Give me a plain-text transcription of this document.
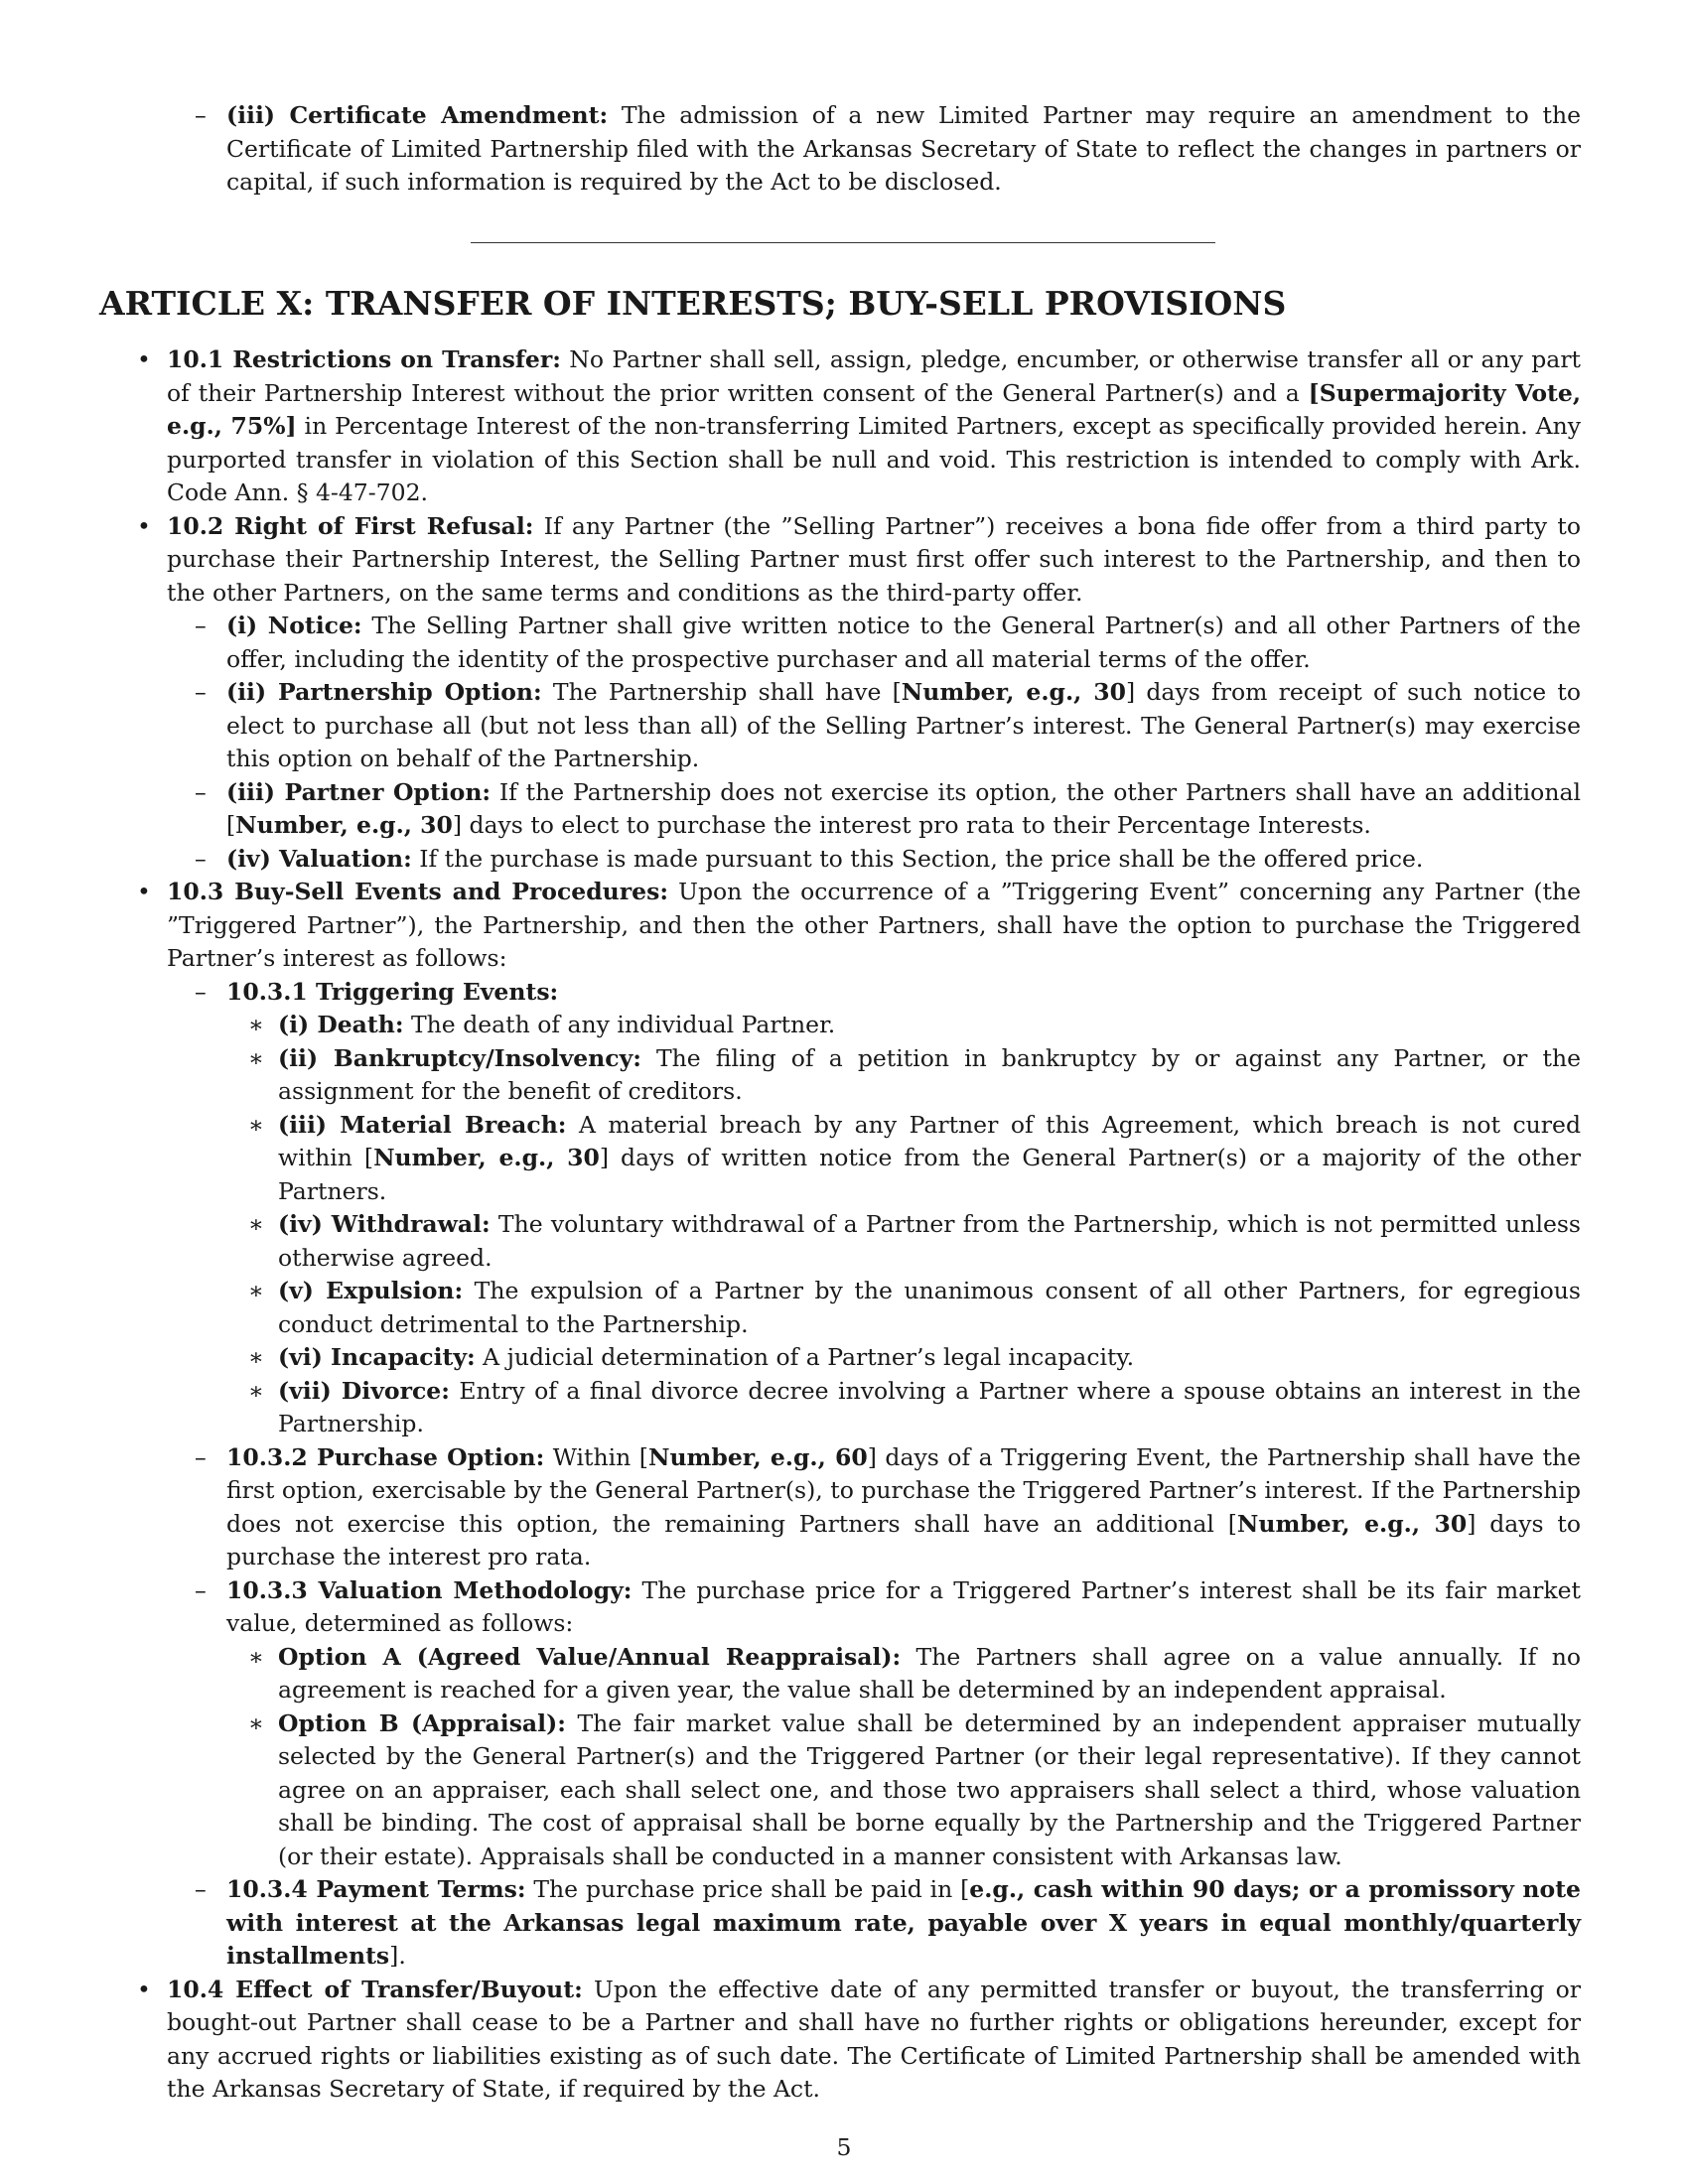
– (iii) Certificate Amendment: The admission of a new Limited Partner may require an amendment to the Certificate of Limited Partnership filed with the Arkansas Secretary of State to reflect the changes in partners or capital, if such information is required by the Act to be disclosed.
ARTICLE X: TRANSFER OF INTERESTS; BUY-SELL PROVISIONS
• 10.1 Restrictions on Transfer: No Partner shall sell, assign, pledge, encumber, or otherwise transfer all or any part of their Partnership Interest without the prior written consent of the General Partner(s) and a [Supermajority Vote, e.g., 75%] in Percentage Interest of the non-transferring Limited Partners, except as specifically provided herein. Any purported transfer in violation of this Section shall be null and void. This restriction is intended to comply with Ark. Code Ann. § 4-47-702.
• 10.2 Right of First Refusal: If any Partner (the ”Selling Partner”) receives a bona fide offer from a third party to purchase their Partnership Interest, the Selling Partner must first offer such interest to the Partnership, and then to the other Partners, on the same terms and conditions as the third-party offer.
– (i) Notice: The Selling Partner shall give written notice to the General Partner(s) and all other Partners of the offer, including the identity of the prospective purchaser and all material terms of the offer.
– (ii) Partnership Option: The Partnership shall have [Number, e.g., 30] days from receipt of such notice to elect to purchase all (but not less than all) of the Selling Partner’s interest. The General Partner(s) may exercise this option on behalf of the Partnership.
– (iii) Partner Option: If the Partnership does not exercise its option, the other Partners shall have an additional [Number, e.g., 30] days to elect to purchase the interest pro rata to their Percentage Interests.
– (iv) Valuation: If the purchase is made pursuant to this Section, the price shall be the offered price.
• 10.3 Buy-Sell Events and Procedures: Upon the occurrence of a ”Triggering Event” concerning any Partner (the ”Triggered Partner”), the Partnership, and then the other Partners, shall have the option to purchase the Triggered Partner’s interest as follows:
– 10.3.1 Triggering Events:
∗ (i) Death: The death of any individual Partner.
∗ (ii) Bankruptcy/Insolvency: The filing of a petition in bankruptcy by or against any Partner, or the assignment for the benefit of creditors.
∗ (iii) Material Breach: A material breach by any Partner of this Agreement, which breach is not cured within [Number, e.g., 30] days of written notice from the General Partner(s) or a majority of the other Partners.
∗ (iv) Withdrawal: The voluntary withdrawal of a Partner from the Partnership, which is not permitted unless otherwise agreed.
∗ (v) Expulsion: The expulsion of a Partner by the unanimous consent of all other Partners, for egregious conduct detrimental to the Partnership.
∗ (vi) Incapacity: A judicial determination of a Partner’s legal incapacity.
∗ (vii) Divorce: Entry of a final divorce decree involving a Partner where a spouse obtains an interest in the Partnership.
– 10.3.2 Purchase Option: Within [Number, e.g., 60] days of a Triggering Event, the Partnership shall have the first option, exercisable by the General Partner(s), to purchase the Triggered Partner’s interest. If the Partnership does not exercise this option, the remaining Partners shall have an additional [Number, e.g., 30] days to purchase the interest pro rata.
– 10.3.3 Valuation Methodology: The purchase price for a Triggered Partner’s interest shall be its fair market value, determined as follows:
∗ Option A (Agreed Value/Annual Reappraisal): The Partners shall agree on a value annually. If no agreement is reached for a given year, the value shall be determined by an independent appraisal.
∗ Option B (Appraisal): The fair market value shall be determined by an independent appraiser mutually selected by the General Partner(s) and the Triggered Partner (or their legal representative). If they cannot agree on an appraiser, each shall select one, and those two appraisers shall select a third, whose valuation shall be binding. The cost of appraisal shall be borne equally by the Partnership and the Triggered Partner (or their estate). Appraisals shall be conducted in a manner consistent with Arkansas law.
– 10.3.4 Payment Terms: The purchase price shall be paid in [e.g., cash within 90 days; or a promissory note with interest at the Arkansas legal maximum rate, payable over X years in equal monthly/quarterly installments].
• 10.4 Effect of Transfer/Buyout: Upon the effective date of any permitted transfer or buyout, the transferring or bought-out Partner shall cease to be a Partner and shall have no further rights or obligations hereunder, except for any accrued rights or liabilities existing as of such date. The Certificate of Limited Partnership shall be amended with the Arkansas Secretary of State, if required by the Act.
5
